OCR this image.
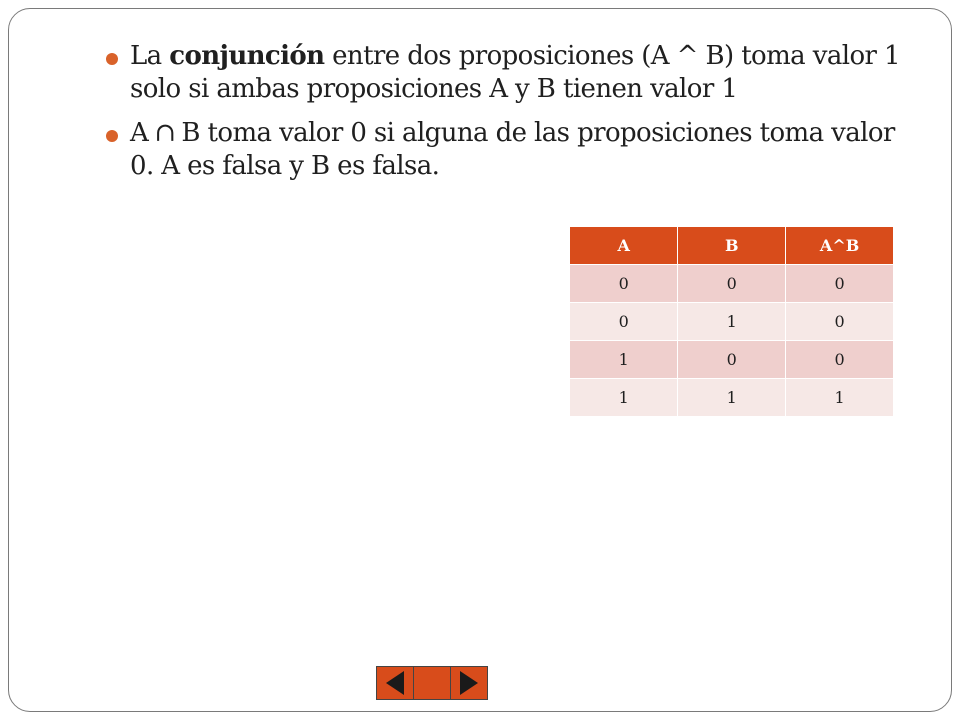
La conjunción entre dos proposiciones (A ^ B) toma valor 1 solo si ambas proposiciones A y B tienen valor 1
A ∩ B toma valor 0 si alguna de las proposiciones toma valor 0. A es falsa y B es falsa.
A	B	A^B
0	0	0
0	1	0
1	0	0
1	1	1
